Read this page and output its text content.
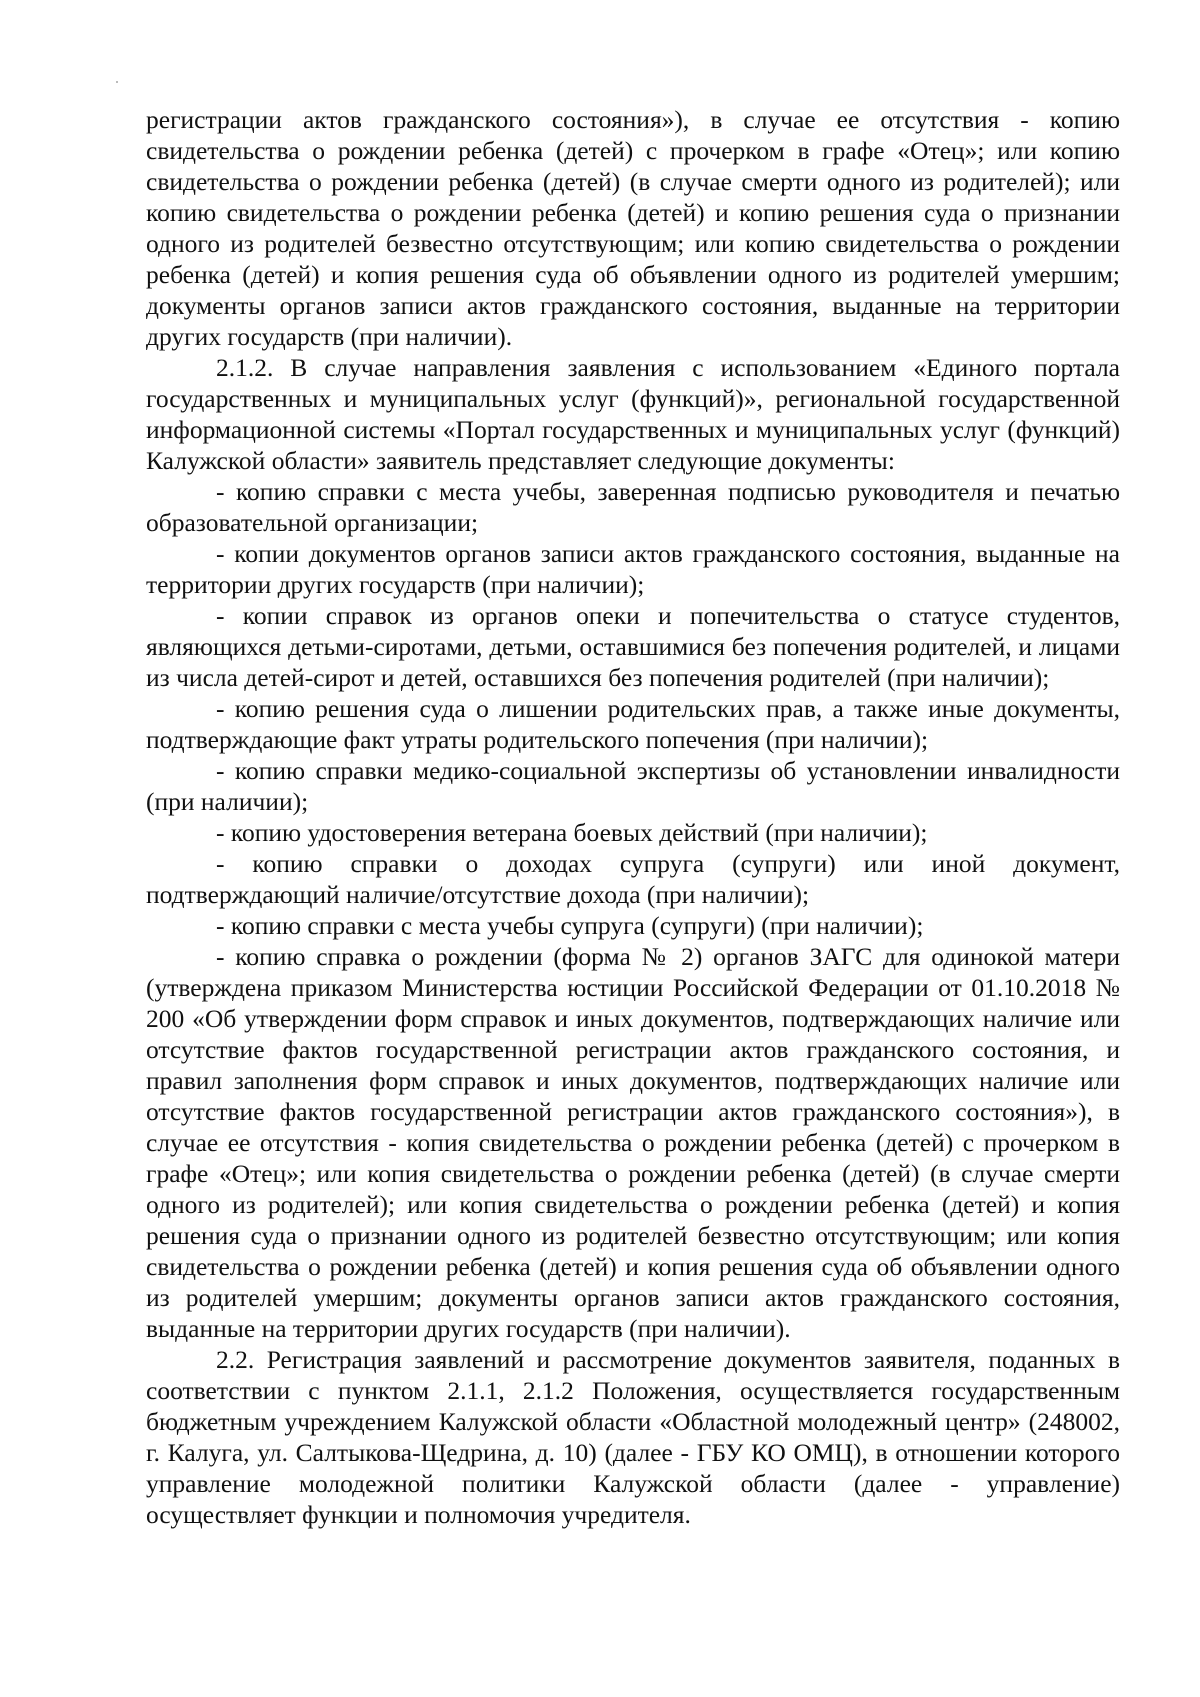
регистрации актов гражданского состояния»), в случае ее отсутствия - копию свидетельства о рождении ребенка (детей) с прочерком в графе «Отец»; или копию свидетельства о рождении ребенка (детей) (в случае смерти одного из родителей); или копию свидетельства о рождении ребенка (детей) и копию решения суда о признании одного из родителей безвестно отсутствующим; или копию свидетельства о рождении ребенка (детей) и копия решения суда об объявлении одного из родителей умершим; документы органов записи актов гражданского состояния, выданные на территории других государств (при наличии).

2.1.2. В случае направления заявления с использованием «Единого портала государственных и муниципальных услуг (функций)», региональной государственной информационной системы «Портал государственных и муниципальных услуг (функций) Калужской области» заявитель представляет следующие документы:

- копию справки с места учебы, заверенная подписью руководителя и печатью образовательной организации;

- копии документов органов записи актов гражданского состояния, выданные на территории других государств (при наличии);

- копии справок из органов опеки и попечительства о статусе студентов, являющихся детьми-сиротами, детьми, оставшимися без попечения родителей, и лицами из числа детей-сирот и детей, оставшихся без попечения родителей (при наличии);

- копию решения суда о лишении родительских прав, а также иные документы, подтверждающие факт утраты родительского попечения (при наличии);

- копию справки медико-социальной экспертизы об установлении инвалидности (при наличии);

- копию удостоверения ветерана боевых действий (при наличии);

- копию справки о доходах супруга (супруги) или иной документ, подтверждающий наличие/отсутствие дохода (при наличии);

- копию справки с места учебы супруга (супруги) (при наличии);

- копию справка о рождении (форма № 2) органов ЗАГС для одинокой матери (утверждена приказом Министерства юстиции Российской Федерации от 01.10.2018 № 200 «Об утверждении форм справок и иных документов, подтверждающих наличие или отсутствие фактов государственной регистрации актов гражданского состояния, и правил заполнения форм справок и иных документов, подтверждающих наличие или отсутствие фактов государственной регистрации актов гражданского состояния»), в случае ее отсутствия - копия свидетельства о рождении ребенка (детей) с прочерком в графе «Отец»; или копия свидетельства о рождении ребенка (детей) (в случае смерти одного из родителей); или копия свидетельства о рождении ребенка (детей) и копия решения суда о признании одного из родителей безвестно отсутствующим; или копия свидетельства о рождении ребенка (детей) и копия решения суда об объявлении одного из родителей умершим; документы органов записи актов гражданского состояния, выданные на территории других государств (при наличии).

2.2. Регистрация заявлений и рассмотрение документов заявителя, поданных в соответствии с пунктом 2.1.1, 2.1.2 Положения, осуществляется государственным бюджетным учреждением Калужской области «Областной молодежный центр» (248002, г. Калуга, ул. Салтыкова-Щедрина, д. 10) (далее - ГБУ КО ОМЦ), в отношении которого управление молодежной политики Калужской области (далее - управление) осуществляет функции и полномочия учредителя.
